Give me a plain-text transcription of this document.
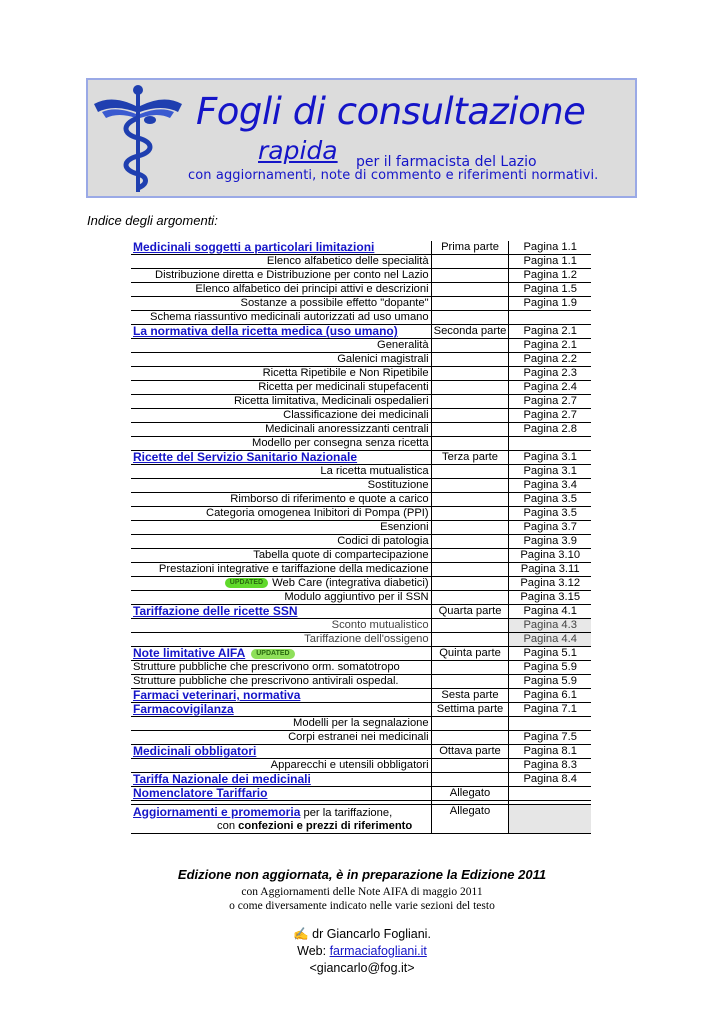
Fogli di consultazione
rapida per il farmacista del Lazio
con aggiornamenti, note di commento e riferimenti normativi.
Indice degli argomenti:
Medicinali soggetti a particolari limitazioni	Prima parte	Pagina 1.1
Elenco alfabetico delle specialità		Pagina 1.1
Distribuzione diretta e Distribuzione per conto nel Lazio		Pagina 1.2
Elenco alfabetico dei principi attivi e descrizioni		Pagina 1.5
Sostanze a possibile effetto "dopante"		Pagina 1.9
Schema riassuntivo medicinali autorizzati ad uso umano		
La normativa della ricetta medica (uso umano)	Seconda parte	Pagina 2.1
Generalità		Pagina 2.1
Galenici magistrali		Pagina 2.2
Ricetta Ripetibile e Non Ripetibile		Pagina 2.3
Ricetta per medicinali stupefacenti		Pagina 2.4
Ricetta limitativa, Medicinali ospedalieri		Pagina 2.7
Classificazione dei medicinali		Pagina 2.7
Medicinali anoressizzanti centrali		Pagina 2.8
Modello per consegna senza ricetta		
Ricette del Servizio Sanitario Nazionale	Terza parte	Pagina 3.1
La ricetta mutualistica		Pagina 3.1
Sostituzione		Pagina 3.4
Rimborso di riferimento e quote a carico		Pagina 3.5
Categoria omogenea Inibitori di Pompa (PPI)		Pagina 3.5
Esenzioni		Pagina 3.7
Codici di patologia		Pagina 3.9
Tabella quote di compartecipazione		Pagina 3.10
Prestazioni integrative e tariffazione della medicazione		Pagina 3.11
UPDATED Web Care (integrativa diabetici)		Pagina 3.12
Modulo aggiuntivo per il SSN		Pagina 3.15
Tariffazione delle ricette SSN	Quarta parte	Pagina 4.1
Sconto mutualistico		Pagina 4.3
Tariffazione dell'ossigeno		Pagina 4.4
Note limitative AIFA UPDATED	Quinta parte	Pagina 5.1
Strutture pubbliche che prescrivono orm. somatotropo		Pagina 5.9
Strutture pubbliche che prescrivono antivirali ospedal.		Pagina 5.9
Farmaci veterinari, normativa	Sesta parte	Pagina 6.1
Farmacovigilanza	Settima parte	Pagina 7.1
Modelli per la segnalazione		
Corpi estranei nei medicinali		Pagina 7.5
Medicinali obbligatori	Ottava parte	Pagina 8.1
Apparecchi e utensili obbligatori		Pagina 8.3
Tariffa Nazionale dei medicinali		Pagina 8.4
Nomenclatore Tariffario	Allegato	

Aggiornamenti e promemoria per la tariffazione,
con confezioni e prezzi di riferimento	Allegato	
Edizione non aggiornata, è in preparazione la Edizione 2011
con Aggiornamenti delle Note AIFA di maggio 2011
o come diversamente indicato nelle varie sezioni del testo
✍ dr Giancarlo Fogliani.
Web: farmaciafogliani.it
<giancarlo@fog.it>
